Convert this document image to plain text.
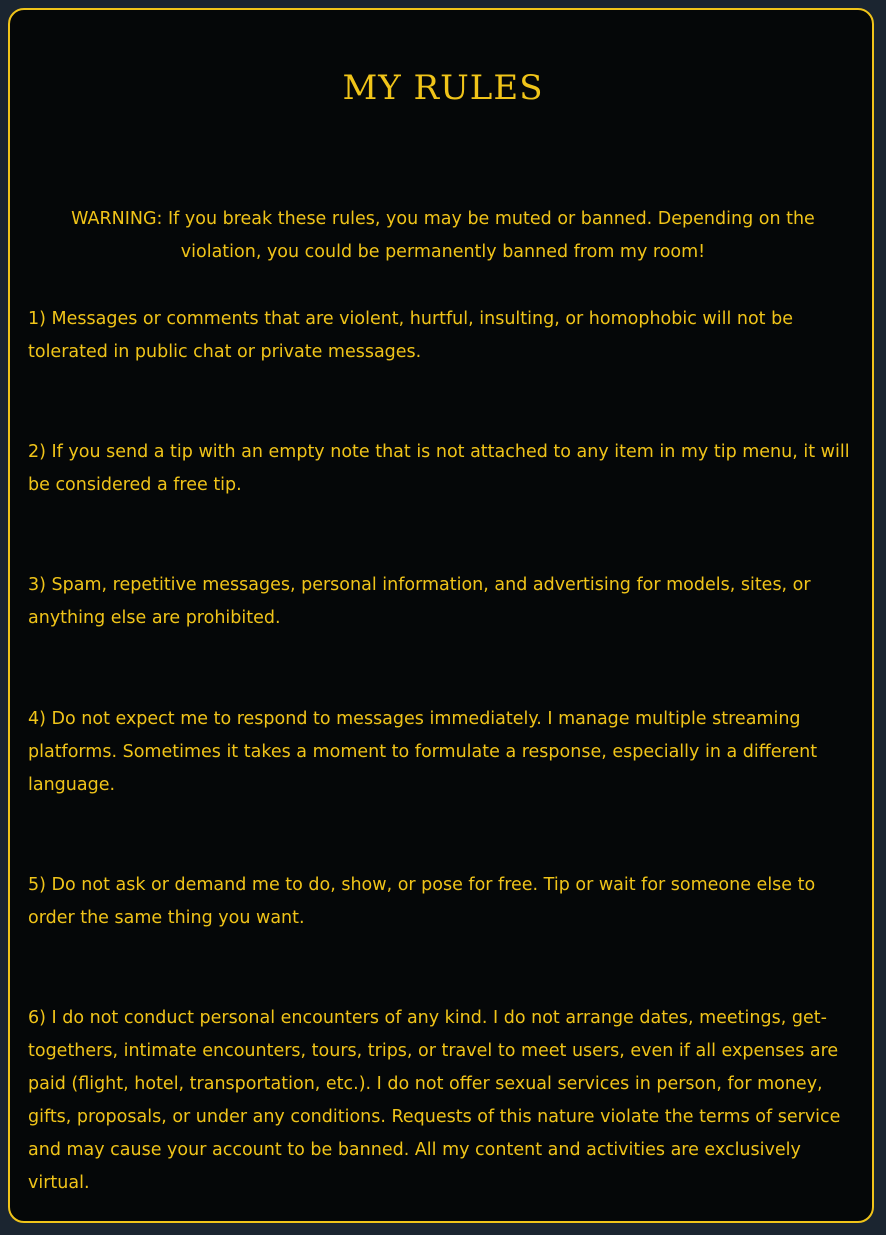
MY RULES

WARNING: If you break these rules, you may be muted or banned. Depending on the violation, you could be permanently banned from my room!

1) Messages or comments that are violent, hurtful, insulting, or homophobic will not be tolerated in public chat or private messages.

2) If you send a tip with an empty note that is not attached to any item in my tip menu, it will be considered a free tip.

3) Spam, repetitive messages, personal information, and advertising for models, sites, or anything else are prohibited.

4) Do not expect me to respond to messages immediately. I manage multiple streaming platforms. Sometimes it takes a moment to formulate a response, especially in a different language.

5) Do not ask or demand me to do, show, or pose for free. Tip or wait for someone else to order the same thing you want.

6) I do not conduct personal encounters of any kind. I do not arrange dates, meetings, get-togethers, intimate encounters, tours, trips, or travel to meet users, even if all expenses are paid (flight, hotel, transportation, etc.). I do not offer sexual services in person, for money, gifts, proposals, or under any conditions. Requests of this nature violate the terms of service and may cause your account to be banned. All my content and activities are exclusively virtual.
